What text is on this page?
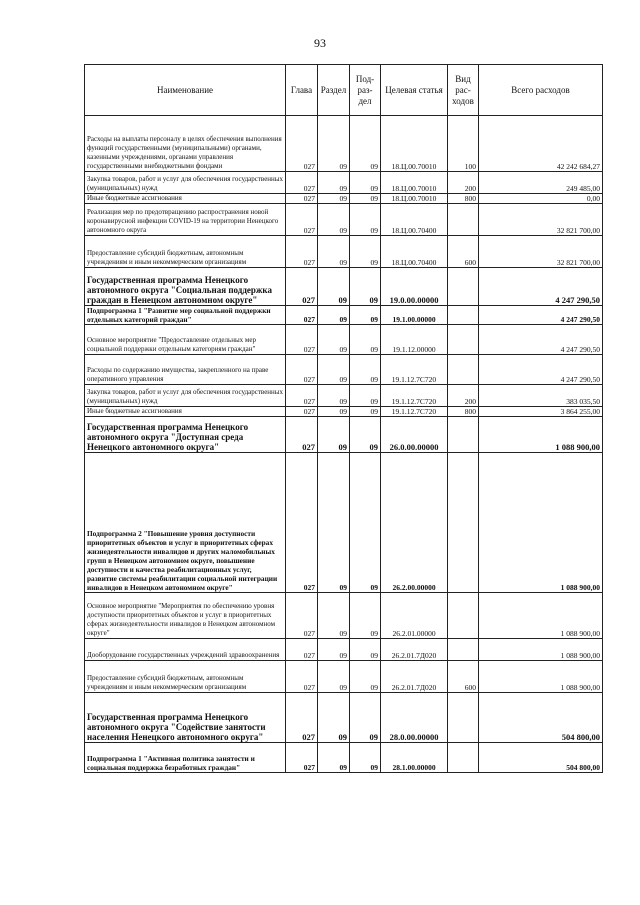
93
Наименование	Глава	Раздел	Под-раз-дел	Целевая статья	Вид рас-ходов	Всего расходов
Расходы на выплаты персоналу в целях обеспечения выполнения функций государственными (муниципальными) органами, казенными учреждениями, органами управления государственными внебюджетными фондами	027	09	09	18.Ц.00.70010	100	42 242 684,27
Закупка товаров, работ и услуг для обеспечения государственных (муниципальных) нужд	027	09	09	18.Ц.00.70010	200	249 485,00
Иные бюджетные ассигнования	027	09	09	18.Ц.00.70010	800	0,00
Реализация мер по предотвращению распространения новой коронавирусной инфекции COVID-19 на территории Ненецкого автономного округа	027	09	09	18.Ц.00.70400		32 821 700,00
Предоставление субсидий бюджетным, автономным учреждениям и иным некоммерческим организациям	027	09	09	18.Ц.00.70400	600	32 821 700,00
Государственная программа Ненецкого автономного округа "Социальная поддержка граждан в Ненецком автономном округе"	027	09	09	19.0.00.00000		4 247 290,50
Подпрограмма 1 "Развитие мер социальной поддержки отдельных категорий граждан"	027	09	09	19.1.00.00000		4 247 290,50
Основное мероприятие "Предоставление отдельных мер социальной поддержки отдельным категориям граждан"	027	09	09	19.1.12.00000		4 247 290,50
Расходы по содержанию имущества, закрепленного на праве оперативного управления	027	09	09	19.1.12.7С720		4 247 290,50
Закупка товаров, работ и услуг для обеспечения государственных (муниципальных) нужд	027	09	09	19.1.12.7С720	200	383 035,50
Иные бюджетные ассигнования	027	09	09	19.1.12.7С720	800	3 864 255,00
Государственная программа Ненецкого автономного округа "Доступная среда Ненецкого автономного округа"	027	09	09	26.0.00.00000		1 088 900,00
Подпрограмма 2 "Повышение уровня доступности приоритетных объектов и услуг в приоритетных сферах жизнедеятельности инвалидов и других маломобильных групп в Ненецком автономном округе, повышение доступности и качества реабилитационных услуг, развитие системы реабилитации социальной интеграции инвалидов в Ненецком автономном округе"	027	09	09	26.2.00.00000		1 088 900,00
Основное мероприятие "Мероприятия по обеспечению уровня доступности приоритетных объектов и услуг в приоритетных сферах жизнедеятельности инвалидов в Ненецком автономном округе"	027	09	09	26.2.01.00000		1 088 900,00
Дооборудование государственных учреждений здравоохранения	027	09	09	26.2.01.7Д020		1 088 900,00
Предоставление субсидий бюджетным, автономным учреждениям и иным некоммерческим организациям	027	09	09	26.2.01.7Д020	600	1 088 900,00
Государственная программа Ненецкого автономного округа "Содействие занятости населения Ненецкого автономного округа"	027	09	09	28.0.00.00000		504 800,00
Подпрограмма 1 "Активная политика занятости и социальная поддержка безработных граждан"	027	09	09	28.1.00.00000		504 800,00
